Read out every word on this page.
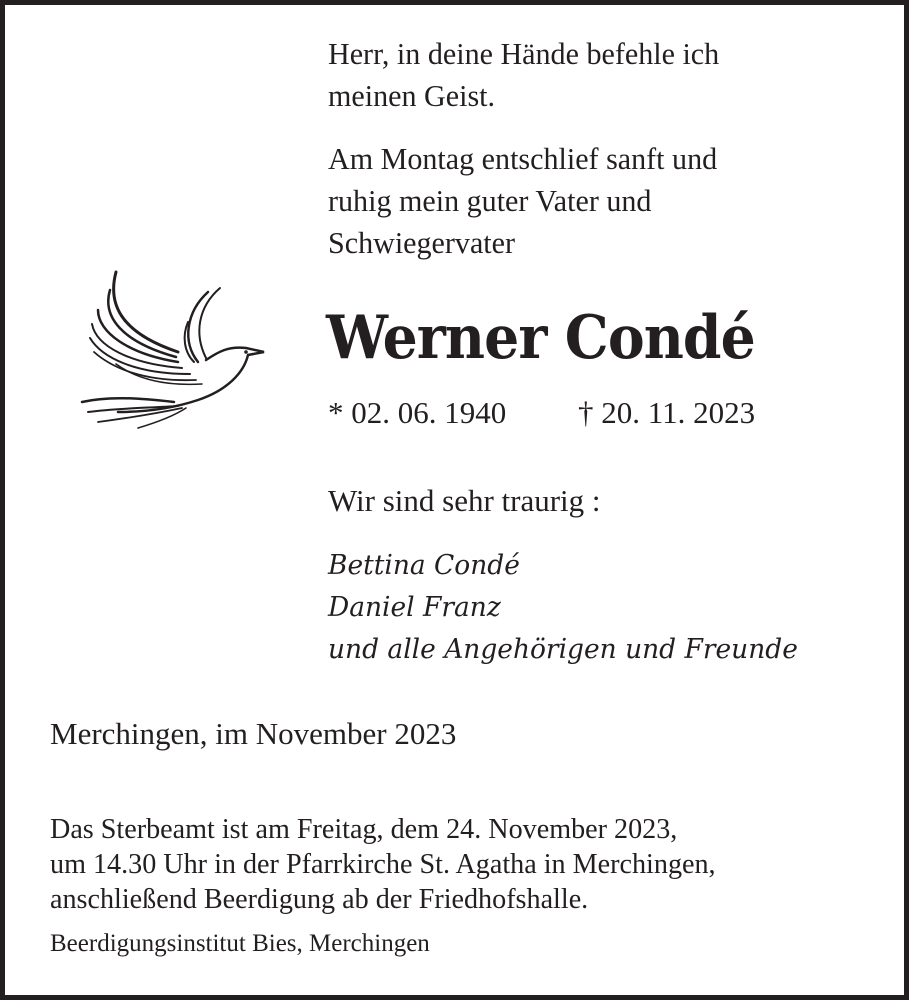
Herr, in deine Hände befehle ich
meinen Geist.
Am Montag entschlief sanft und
ruhig mein guter Vater und
Schwiegervater
Werner Condé
* 02. 06. 1940 † 20. 11. 2023
Wir sind sehr traurig :
Bettina Condé
Daniel Franz
und alle Angehörigen und Freunde
Merchingen, im November 2023
Das Sterbeamt ist am Freitag, dem 24. November 2023,
um 14.30 Uhr in der Pfarrkirche St. Agatha in Merchingen,
anschließend Beerdigung ab der Friedhofshalle.
Beerdigungsinstitut Bies, Merchingen
